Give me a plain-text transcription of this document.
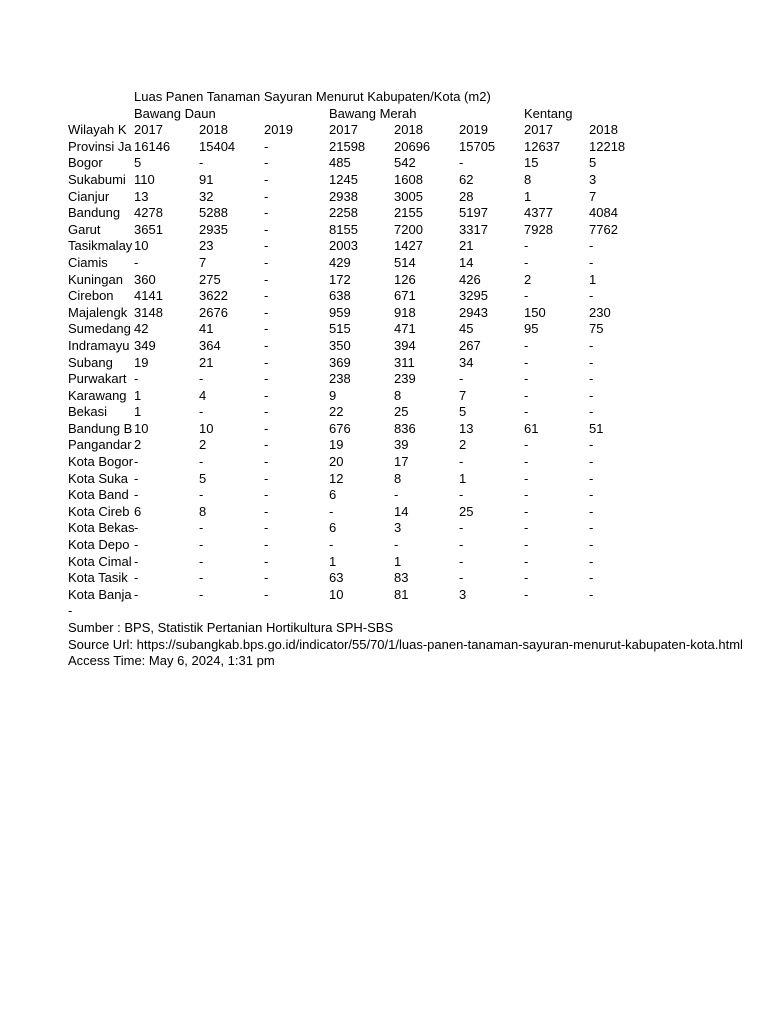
Luas Panen Tanaman Sayuran Menurut Kabupaten/Kota (m2)
Bawang Daun	Bawang Merah	Kentang
Wilayah K 2017	2018	2019	2017	2018	2019	2017	2018
Provinsi Ja 16146	15404	-	21598	20696	15705	12637	12218
Bogor	5	-	-	485	542	-	15	5
Sukabumi 110	91	-	1245	1608	62	8	3
Cianjur	13	32	-	2938	3005	28	1	7
Bandung	4278	5288	-	2258	2155	5197	4377	4084
Garut	3651	2935	-	8155	7200	3317	7928	7762
Tasikmalay 10	23	-	2003	1427	21	-	-
Ciamis	-	7	-	429	514	14	-	-
Kuningan 360	275	-	172	126	426	2	1
Cirebon	4141	3622	-	638	671	3295	-	-
Majalengk 3148	2676	-	959	918	2943	150	230
Sumedang 42	41	-	515	471	45	95	75
Indramayu 349	364	-	350	394	267	-	-
Subang	19	21	-	369	311	34	-	-
Purwakart -	-	-	238	239	-	-	-
Karawang 1	4	-	9	8	7	-	-
Bekasi	1	-	-	22	25	5	-	-
Bandung B 10	10	-	676	836	13	61	51
Pangandar 2	2	-	19	39	2	-	-
Kota Bogor -	-	-	20	17	-	-	-
Kota Suka -	5	-	12	8	1	-	-
Kota Band -	-	-	6	-	-	-	-
Kota Cireb 6	8	-	-	14	25	-	-
Kota Bekas -	-	-	6	3	-	-	-
Kota Depo -	-	-	-	-	-	-	-
Kota Cimal -	-	-	1	1	-	-	-
Kota Tasik -	-	-	63	83	-	-	-
Kota Banja -	-	-	10	81	3	-	-
-
Sumber : BPS, Statistik Pertanian Hortikultura SPH-SBS
Source Url: https://subangkab.bps.go.id/indicator/55/70/1/luas-panen-tanaman-sayuran-menurut-kabupaten-kota.html
Access Time: May 6, 2024, 1:31 pm
